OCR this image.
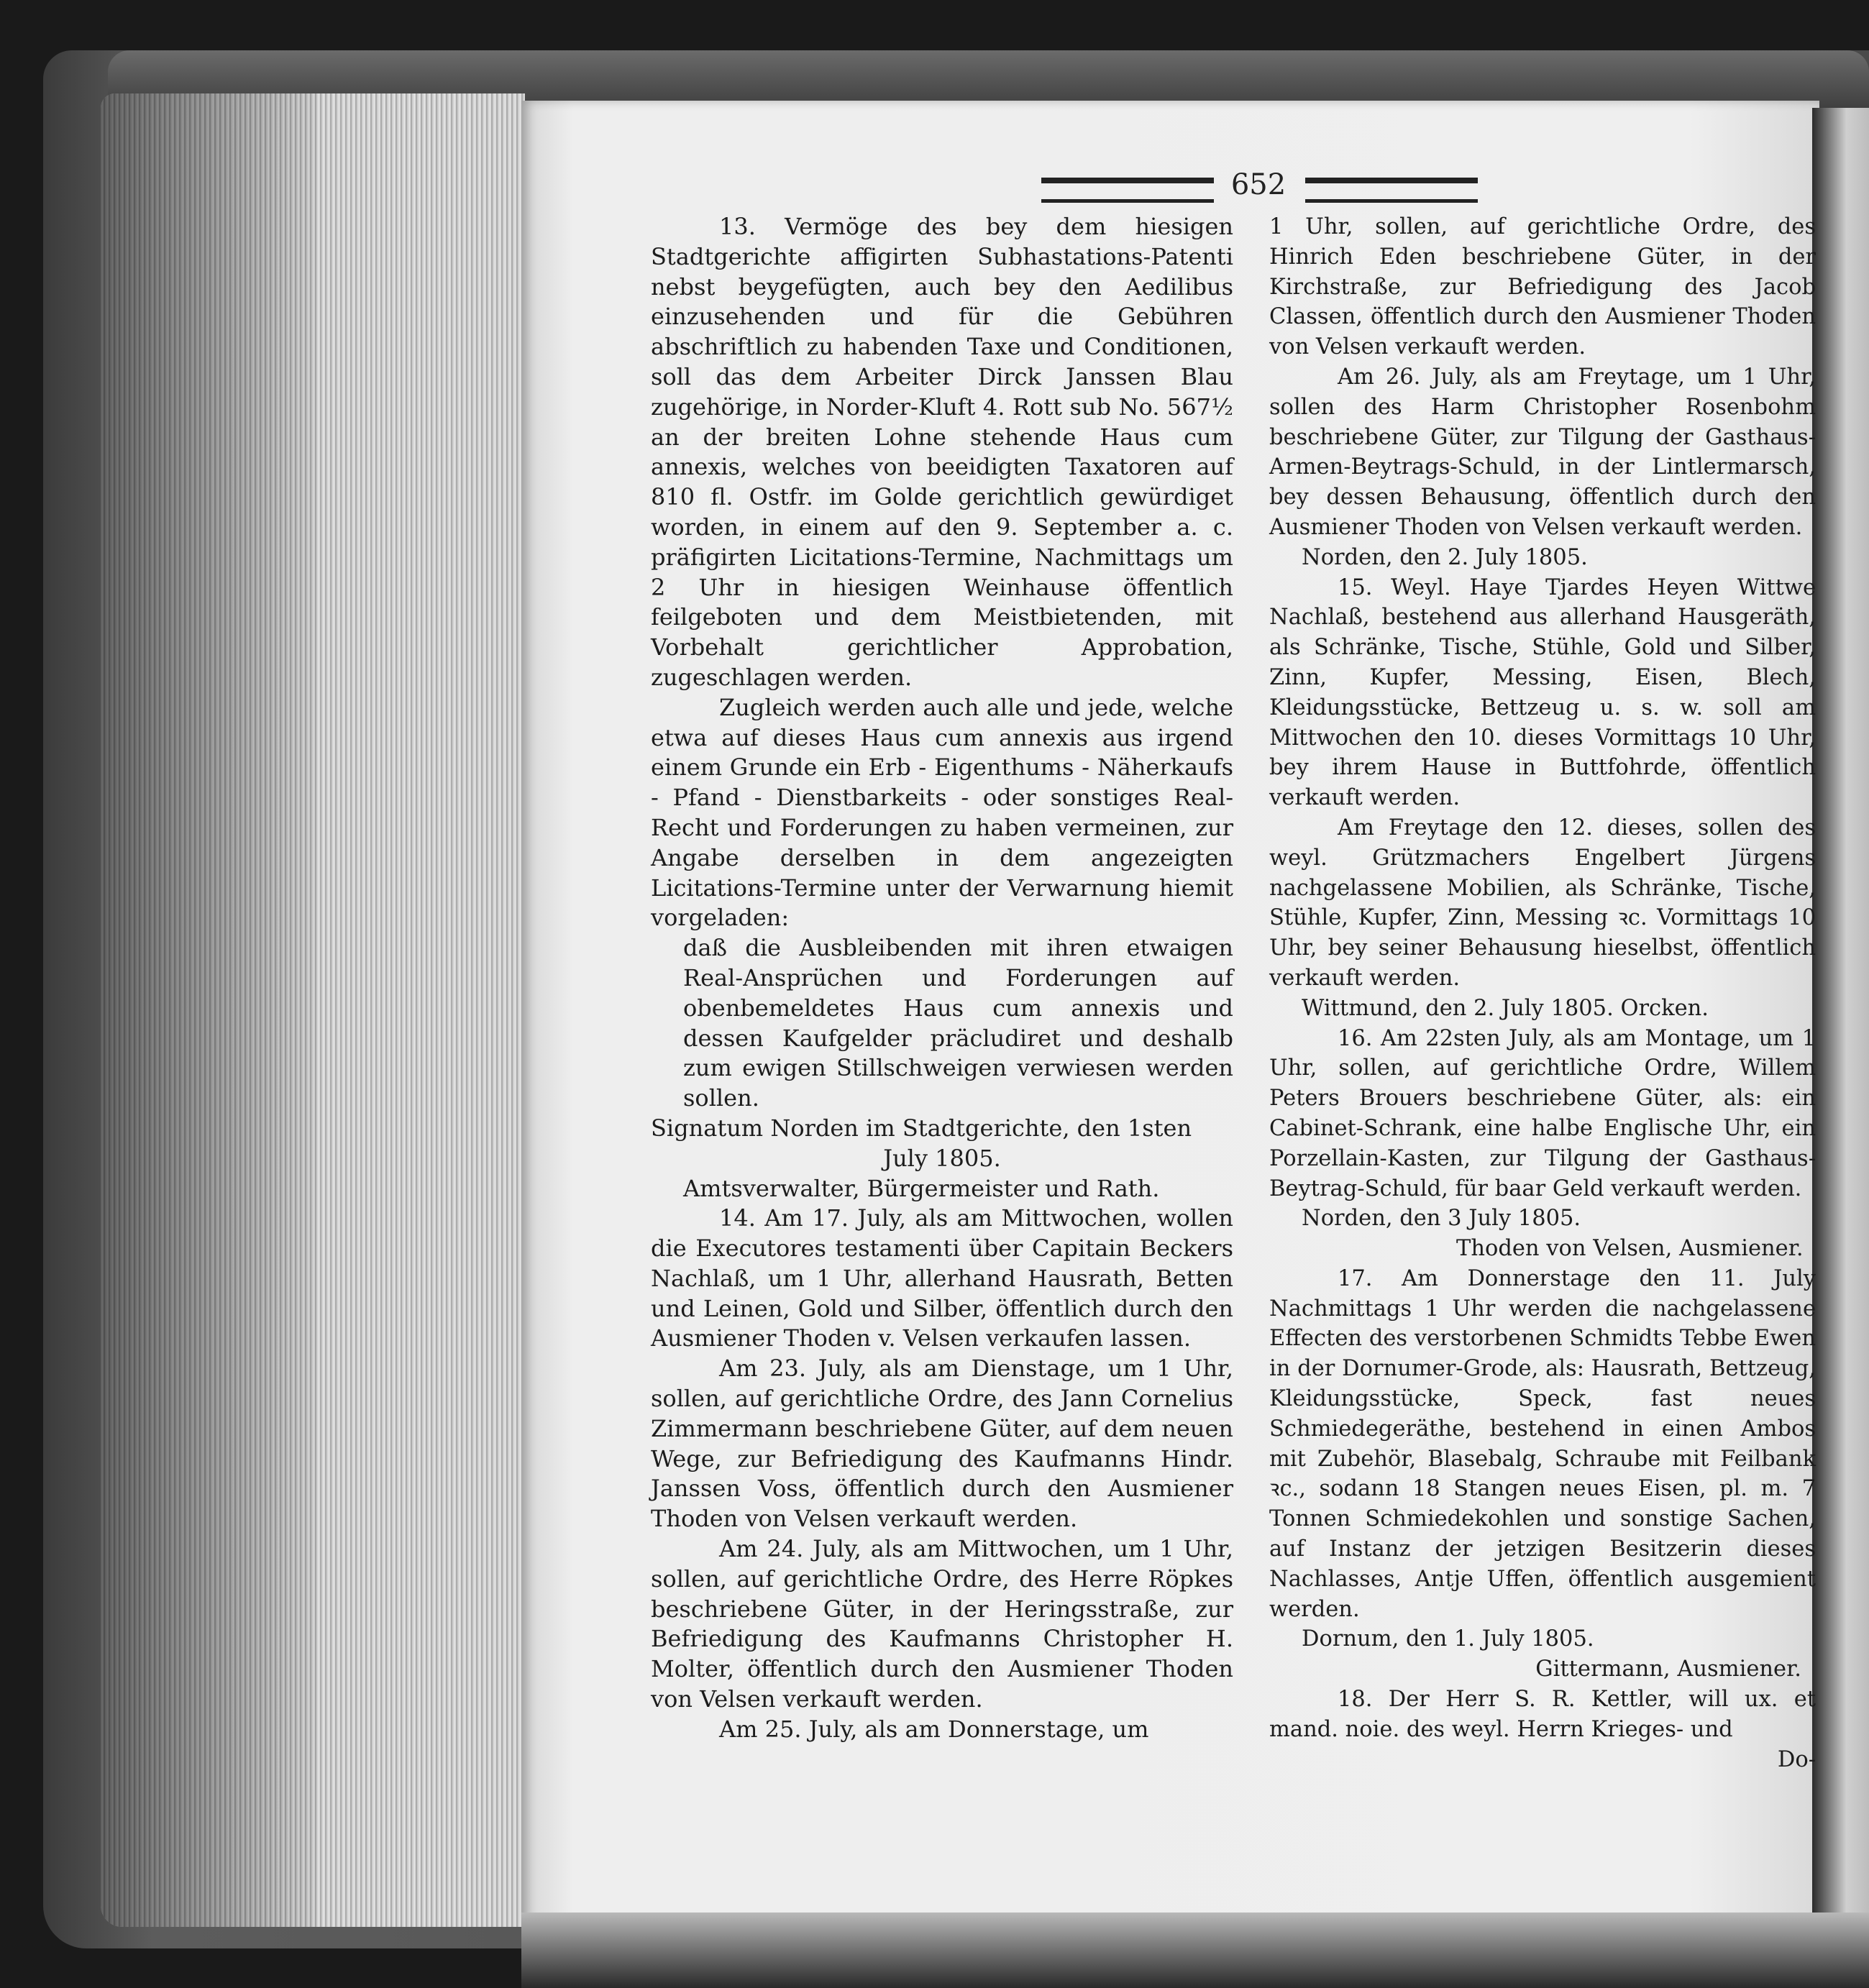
652

13. Vermöge des bey dem hiesigen Stadtgerichte affigirten Subhastations-Patenti nebst beygefügten, auch bey den Aedilibus einzusehenden und für die Gebühren abschriftlich zu habenden Taxe und Conditionen, soll das dem Arbeiter Dirck Janssen Blau zugehörige, in Norder-Kluft 4. Rott sub No. 567½ an der breiten Lohne stehende Haus cum annexis, welches von beeidigten Taxatoren auf 810 fl. Ostfr. im Golde gerichtlich gewürdiget worden, in einem auf den 9. September a. c. präfigirten Licitations-Termine, Nachmittags um 2 Uhr in hiesigen Weinhause öffentlich feilgeboten und dem Meistbietenden, mit Vorbehalt gerichtlicher Approbation, zugeschlagen werden.

Zugleich werden auch alle und jede, welche etwa auf dieses Haus cum annexis aus irgend einem Grunde ein Erb - Eigenthums - Näherkaufs - Pfand - Dienstbarkeits - oder sonstiges Real-Recht und Forderungen zu haben vermeinen, zur Angabe derselben in dem angezeigten Licitations-Termine unter der Verwarnung hiemit vorgeladen:

daß die Ausbleibenden mit ihren etwaigen Real-Ansprüchen und Forderungen auf obenbemeldetes Haus cum annexis und dessen Kaufgelder präcludiret und deshalb zum ewigen Stillschweigen verwiesen werden sollen.

Signatum Norden im Stadtgerichte, den 1sten

July 1805.

Amtsverwalter, Bürgermeister und Rath.

14. Am 17. July, als am Mittwochen, wollen die Executores testamenti über Capitain Beckers Nachlaß, um 1 Uhr, allerhand Hausrath, Betten und Leinen, Gold und Silber, öffentlich durch den Ausmiener Thoden v. Velsen verkaufen lassen.

Am 23. July, als am Dienstage, um 1 Uhr, sollen, auf gerichtliche Ordre, des Jann Cornelius Zimmermann beschriebene Güter, auf dem neuen Wege, zur Befriedigung des Kaufmanns Hindr. Janssen Voss, öffentlich durch den Ausmiener Thoden von Velsen verkauft werden.

Am 24. July, als am Mittwochen, um 1 Uhr, sollen, auf gerichtliche Ordre, des Herre Röpkes beschriebene Güter, in der Heringsstraße, zur Befriedigung des Kaufmanns Christopher H. Molter, öffentlich durch den Ausmiener Thoden von Velsen verkauft werden.

Am 25. July, als am Donnerstage, um

1 Uhr, sollen, auf gerichtliche Ordre, des Hinrich Eden beschriebene Güter, in der Kirchstraße, zur Befriedigung des Jacob Classen, öffentlich durch den Ausmiener Thoden von Velsen verkauft werden.

Am 26. July, als am Freytage, um 1 Uhr, sollen des Harm Christopher Rosenbohm beschriebene Güter, zur Tilgung der Gasthaus-Armen-Beytrags-Schuld, in der Lintlermarsch, bey dessen Behausung, öffentlich durch den Ausmiener Thoden von Velsen verkauft werden.

Norden, den 2. July 1805.

15. Weyl. Haye Tjardes Heyen Wittwe Nachlaß, bestehend aus allerhand Hausgeräth, als Schränke, Tische, Stühle, Gold und Silber, Zinn, Kupfer, Messing, Eisen, Blech, Kleidungsstücke, Bettzeug u. s. w. soll am Mittwochen den 10. dieses Vormittags 10 Uhr, bey ihrem Hause in Buttfohrde, öffentlich verkauft werden.

Am Freytage den 12. dieses, sollen des weyl. Grützmachers Engelbert Jürgens nachgelassene Mobilien, als Schränke, Tische, Stühle, Kupfer, Zinn, Messing ꝛc. Vormittags 10 Uhr, bey seiner Behausung hieselbst, öffentlich verkauft werden.

Wittmund, den 2. July 1805. Orcken.

16. Am 22sten July, als am Montage, um 1 Uhr, sollen, auf gerichtliche Ordre, Willem Peters Brouers beschriebene Güter, als: ein Cabinet-Schrank, eine halbe Englische Uhr, ein Porzellain-Kasten, zur Tilgung der Gasthaus-Beytrag-Schuld, für baar Geld verkauft werden.

Norden, den 3 July 1805.

Thoden von Velsen, Ausmiener.

17. Am Donnerstage den 11. July Nachmittags 1 Uhr werden die nachgelassene Effecten des verstorbenen Schmidts Tebbe Ewen in der Dornumer-Grode, als: Hausrath, Bettzeug, Kleidungsstücke, Speck, fast neues Schmiedegeräthe, bestehend in einen Ambos mit Zubehör, Blasebalg, Schraube mit Feilbank ꝛc., sodann 18 Stangen neues Eisen, pl. m. 7 Tonnen Schmiedekohlen und sonstige Sachen, auf Instanz der jetzigen Besitzerin dieses Nachlasses, Antje Uffen, öffentlich ausgemient werden.

Dornum, den 1. July 1805.

Gittermann, Ausmiener.

18. Der Herr S. R. Kettler, will ux. et mand. noie. des weyl. Herrn Krieges- und

Do-
